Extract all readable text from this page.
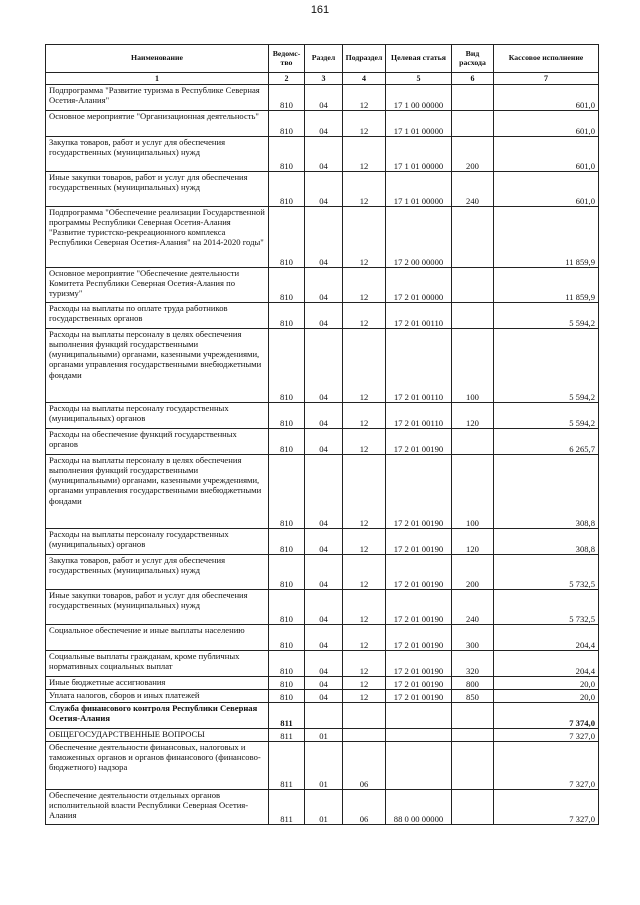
161
Наименование	Ведомс-тво	Раздел	Подраздел	Целевая статья	Вид расхода	Кассовое исполнение
1	2	3	4	5	6	7
Подпрограмма "Развитие туризма в Республике Северная Осетия-Алания"	810	04	12	17 1 00 00000		601,0
Основное мероприятие "Организационная деятельность"	810	04	12	17 1 01 00000		601,0
Закупка товаров, работ и услуг для обеспечения государственных (муниципальных) нужд	810	04	12	17 1 01 00000	200	601,0
Иные закупки товаров, работ и услуг для обеспечения государственных (муниципальных) нужд	810	04	12	17 1 01 00000	240	601,0
Подпрограмма "Обеспечение реализации Государственной программы Республики Северная Осетия-Алания "Развитие туристско-рекреационного комплекса Республики Северная Осетия-Алания" на 2014-2020 годы"	810	04	12	17 2 00 00000		11 859,9
Основное мероприятие "Обеспечение деятельности Комитета Республики Северная Осетия-Алания по туризму"	810	04	12	17 2 01 00000		11 859,9
Расходы на выплаты по оплате труда работников государственных органов	810	04	12	17 2 01 00110		5 594,2
Расходы на выплаты персоналу в целях обеспечения выполнения функций государственными (муниципальными) органами, казенными учреждениями, органами управления государственными внебюджетными фондами	810	04	12	17 2 01 00110	100	5 594,2
Расходы на выплаты персоналу государственных (муниципальных) органов	810	04	12	17 2 01 00110	120	5 594,2
Расходы на обеспечение функций государственных органов	810	04	12	17 2 01 00190		6 265,7
Расходы на выплаты персоналу в целях обеспечения выполнения функций государственными (муниципальными) органами, казенными учреждениями, органами управления государственными внебюджетными фондами	810	04	12	17 2 01 00190	100	308,8
Расходы на выплаты персоналу государственных (муниципальных) органов	810	04	12	17 2 01 00190	120	308,8
Закупка товаров, работ и услуг для обеспечения государственных (муниципальных) нужд	810	04	12	17 2 01 00190	200	5 732,5
Иные закупки товаров, работ и услуг для обеспечения государственных (муниципальных) нужд	810	04	12	17 2 01 00190	240	5 732,5
Социальное обеспечение и иные выплаты населению	810	04	12	17 2 01 00190	300	204,4
Социальные выплаты гражданам, кроме публичных нормативных социальных выплат	810	04	12	17 2 01 00190	320	204,4
Иные бюджетные ассигнования	810	04	12	17 2 01 00190	800	20,0
Уплата налогов, сборов и иных платежей	810	04	12	17 2 01 00190	850	20,0
Служба финансового контроля Республики Северная Осетия-Алания	811					7 374,0
ОБЩЕГОСУДАРСТВЕННЫЕ ВОПРОСЫ	811	01				7 327,0
Обеспечение деятельности финансовых, налоговых и таможенных органов и органов финансового (финансово-бюджетного) надзора	811	01	06			7 327,0
Обеспечение деятельности отдельных органов исполнительной власти Республики Северная Осетия-Алания	811	01	06	88 0 00 00000		7 327,0
